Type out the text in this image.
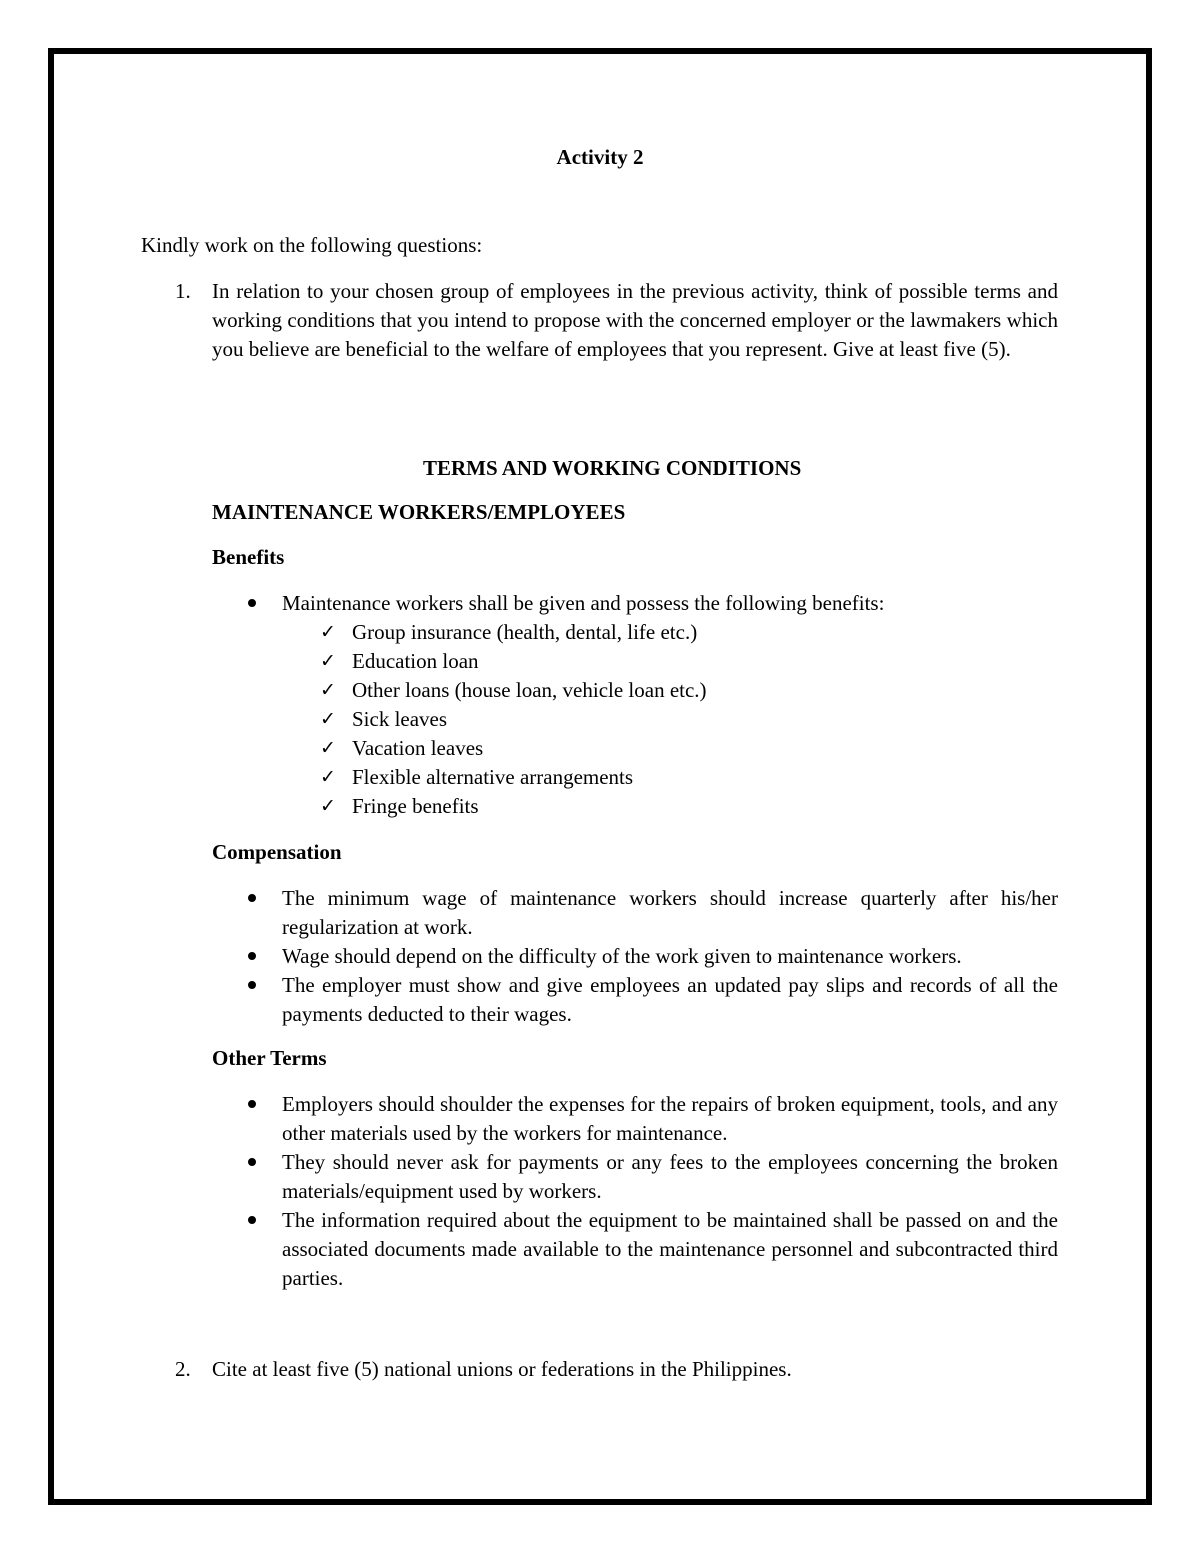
Activity 2
Kindly work on the following questions:
1. In relation to your chosen group of employees in the previous activity, think of possible terms and working conditions that you intend to propose with the concerned employer or the lawmakers which you believe are beneficial to the welfare of employees that you represent. Give at least five (5).
TERMS AND WORKING CONDITIONS
MAINTENANCE WORKERS/EMPLOYEES
Benefits
Maintenance workers shall be given and possess the following benefits:
✓ Group insurance (health, dental, life etc.)
✓ Education loan
✓ Other loans (house loan, vehicle loan etc.)
✓ Sick leaves
✓ Vacation leaves
✓ Flexible alternative arrangements
✓ Fringe benefits
Compensation
The minimum wage of maintenance workers should increase quarterly after his/her regularization at work.
Wage should depend on the difficulty of the work given to maintenance workers.
The employer must show and give employees an updated pay slips and records of all the payments deducted to their wages.
Other Terms
Employers should shoulder the expenses for the repairs of broken equipment, tools, and any other materials used by the workers for maintenance.
They should never ask for payments or any fees to the employees concerning the broken materials/equipment used by workers.
The information required about the equipment to be maintained shall be passed on and the associated documents made available to the maintenance personnel and subcontracted third parties.
2. Cite at least five (5) national unions or federations in the Philippines.
